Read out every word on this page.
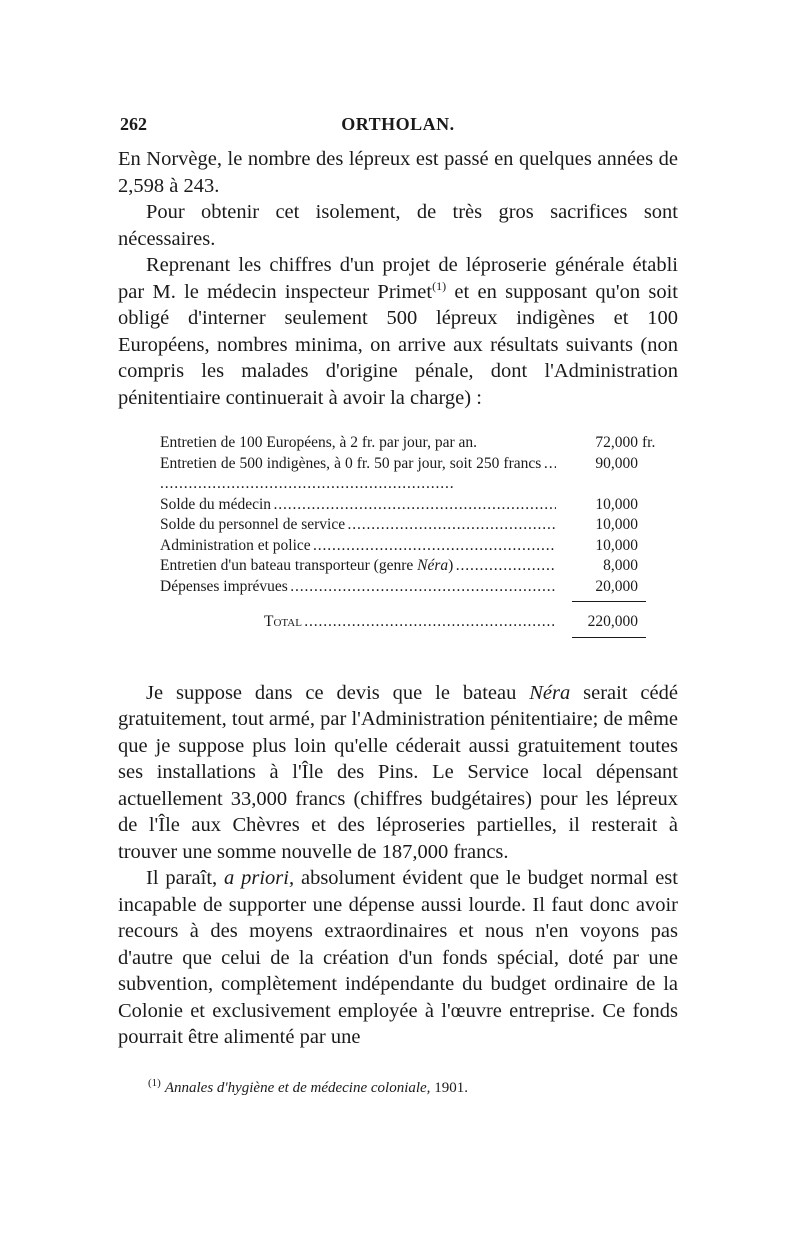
262	ORTHOLAN.

En Norvège, le nombre des lépreux est passé en quelques années de 2,598 à 243.

Pour obtenir cet isolement, de très gros sacrifices sont nécessaires.

Reprenant les chiffres d'un projet de léproserie générale établi par M. le médecin inspecteur Primet$^{(1)}$ et en supposant qu'on soit obligé d'interner seulement 500 lépreux indigènes et 100 Européens, nombres minima, on arrive aux résultats suivants (non compris les malades d'origine pénale, dont l'Administration pénitentiaire continuerait à avoir la charge) :

Entretien de 100 Européens, à 2 fr. par jour, par an.	72,000 fr.
Entretien de 500 indigènes, à 0 fr. 50 par jour, soit 250 francs . . .	90,000
Solde du médecin . . .	10,000
Solde du personnel de service . . .	10,000
Administration et police . . .	10,000
Entretien d'un bateau transporteur (genre Néra) . . .	8,000
Dépenses imprévues . . .	20,000
Total . . .	220,000

Je suppose dans ce devis que le bateau Néra serait cédé gratuitement, tout armé, par l'Administration pénitentiaire; de même que je suppose plus loin qu'elle céderait aussi gratuitement toutes ses installations à l'Île des Pins. Le Service local dépensant actuellement 33,000 francs (chiffres budgétaires) pour les lépreux de l'Île aux Chèvres et des léproseries partielles, il resterait à trouver une somme nouvelle de 187,000 francs.

Il paraît, a priori, absolument évident que le budget normal est incapable de supporter une dépense aussi lourde. Il faut donc avoir recours à des moyens extraordinaires et nous n'en voyons pas d'autre que celui de la création d'un fonds spécial, doté par une subvention, complètement indépendante du budget ordinaire de la Colonie et exclusivement employée à l'œuvre entreprise. Ce fonds pourrait être alimenté par une

$^{(1)}$ Annales d'hygiène et de médecine coloniale, 1901.
